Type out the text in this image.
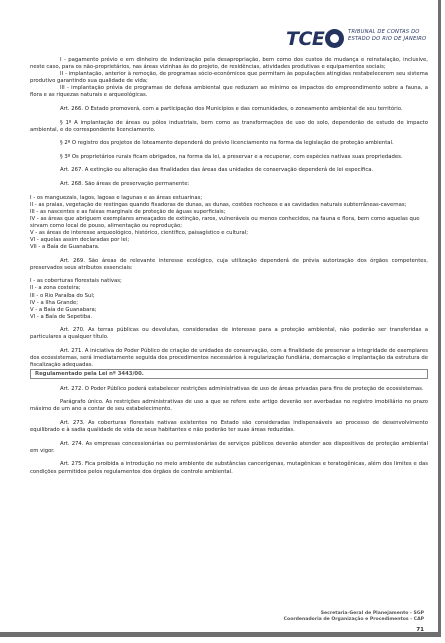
TCE	TRIBUNAL DE CONTAS DO
ESTADO DO RIO DE JANEIRO

I - pagamento prévio e em dinheiro de indenização pela desapropriação, bem como dos custos de mudança e reinstalação, inclusive, neste caso, para os não-proprietários, nas áreas vizinhas às do projeto, de residências, atividades produtivas e equipamentos sociais;

II - implantação, anterior à remoção, de programas sócio-econômicos que permitam às populações atingidas restabelecerem seu sistema produtivo garantindo sua qualidade de vida;

III - implantação prévia de programas de defesa ambiental que reduzam ao mínimo os impactos do empreendimento sobre a fauna, a flora e as riquezas naturais e arqueológicas.

Art. 266. O Estado promoverá, com a participação dos Municípios e das comunidades, o zoneamento ambiental de seu território.

§ 1º A implantação de áreas ou pólos industriais, bem como as transformações de uso do solo, dependerão de estudo de impacto ambiental, e do correspondente licenciamento.

§ 2º O registro dos projetos de loteamento dependerá do prévio licenciamento na forma da legislação de proteção ambiental.

§ 3º Os proprietários rurais ficam obrigados, na forma da lei, a preservar e a recuperar, com espécies nativas suas propriedades.

Art. 267. A extinção ou alteração das finalidades das áreas das unidades de conservação dependerá de lei específica.

Art. 268. São áreas de preservação permanente:

I - os manguezais, lagos, lagoas e lagunas e as áreas estuarinas;

II - as praias, vegetação de restingas quando fixadoras de dunas, as dunas, costões rochosos e as cavidades naturais subterrâneas-cavernas;

III - as nascentes e as faixas marginais de proteção de águas superficiais;

IV - as áreas que abriguem exemplares ameaçados de extinção, raros, vulneráveis ou menos conhecidos, na fauna e flora, bem como aquelas que sirvam como local de pouso, alimentação ou reprodução;

V - as áreas de interesse arqueológico, histórico, científico, paisagístico e cultural;

VI - aquelas assim declaradas por lei;

VII - a Baía de Guanabara.

Art. 269. São áreas de relevante interesse ecológico, cuja utilização dependerá de prévia autorização dos órgãos competentes, preservados seus atributos essenciais:

I - as coberturas florestais nativas;

II - a zona costeira;

III - o Rio Paraíba do Sul;

IV - a Ilha Grande;

V - a Baía de Guanabara;

VI - a Baía de Sepetiba.

Art. 270. As terras públicas ou devolutas, consideradas de interesse para a proteção ambiental, não poderão ser transferidas a particulares a qualquer título.

Art. 271. A iniciativa do Poder Público de criação de unidades de conservação, com a finalidade de preservar a integridade de exemplares dos ecossistemas, será imediatamente seguida dos procedimentos necessários à regularização fundiária, demarcação e implantação da estrutura de fiscalização adequadas.

Regulamentado pela Lei nº 3443/00.

Art. 272. O Poder Público poderá estabelecer restrições administrativas de uso de áreas privadas para fins de proteção de ecossistemas.

Parágrafo único. As restrições administrativas de uso a que se refere este artigo deverão ser averbadas no registro imobiliário no prazo máximo de um ano a contar de seu estabelecimento.

Art. 273. As coberturas florestais nativas existentes no Estado são consideradas indispensáveis ao processo de desenvolvimento equilibrado e à sadia qualidade de vida de seus habitantes e não poderão ter suas áreas reduzidas.

Art. 274. As empresas concessionárias ou permissionárias de serviços públicos deverão atender aos dispositivos de proteção ambiental em vigor.

Art. 275. Fica proibida a introdução no meio ambiente de substâncias cancerígenas, mutagênicas e teratogênicas, além dos limites e das condições permitidos pelos regulamentos dos órgãos de controle ambiental.

Secretaria-Geral de Planejamento - SGP
Coordenadoria de Organização e Procedimentos - CAP
71
